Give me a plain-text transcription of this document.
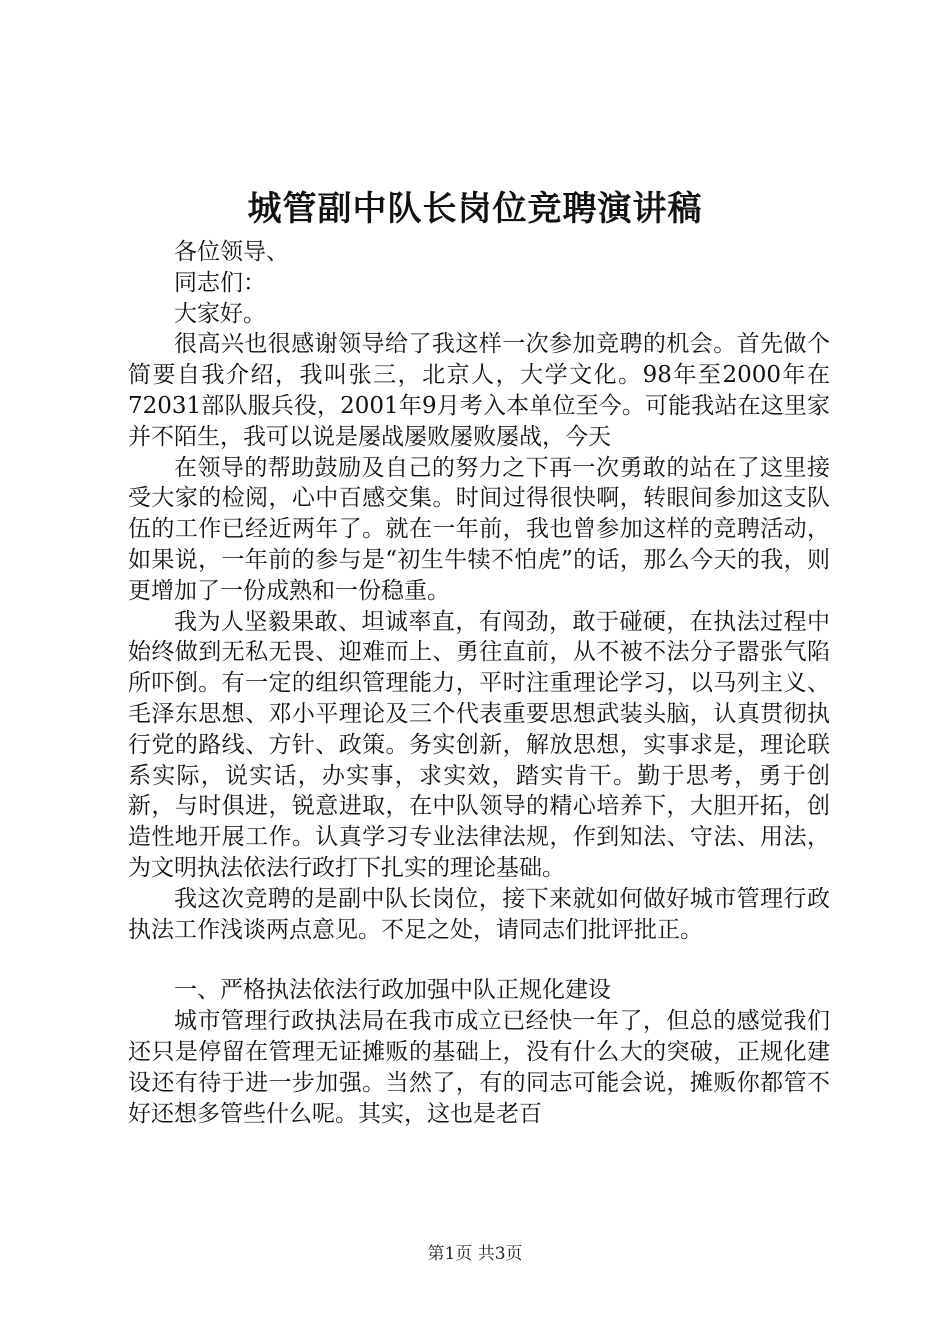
城管副中队长岗位竞聘演讲稿

各位领导、

同志们：

大家好。

很高兴也很感谢领导给了我这样一次参加竞聘的机会。首先做个简要自我介绍，我叫张三，北京人，大学文化。98年至2000年在72031部队服兵役，2001年9月考入本单位至今。可能我站在这里家并不陌生，我可以说是屡战屡败屡败屡战，今天

在领导的帮助鼓励及自己的努力之下再一次勇敢的站在了这里接受大家的检阅，心中百感交集。时间过得很快啊，转眼间参加这支队伍的工作已经近两年了。就在一年前，我也曾参加这样的竞聘活动，如果说，一年前的参与是“初生牛犊不怕虎”的话，那么今天的我，则更增加了一份成熟和一份稳重。

我为人坚毅果敢、坦诚率直，有闯劲，敢于碰硬，在执法过程中始终做到无私无畏、迎难而上、勇往直前，从不被不法分子嚣张气陷所吓倒。有一定的组织管理能力，平时注重理论学习，以马列主义、毛泽东思想、邓小平理论及三个代表重要思想武装头脑，认真贯彻执行党的路线、方针、政策。务实创新，解放思想，实事求是，理论联系实际，说实话，办实事，求实效，踏实肯干。勤于思考，勇于创新，与时俱进，锐意进取，在中队领导的精心培养下，大胆开拓，创造性地开展工作。认真学习专业法律法规，作到知法、守法、用法，为文明执法依法行政打下扎实的理论基础。

我这次竞聘的是副中队长岗位，接下来就如何做好城市管理行政执法工作浅谈两点意见。不足之处，请同志们批评批正。

一、严格执法依法行政加强中队正规化建设

城市管理行政执法局在我市成立已经快一年了，但总的感觉我们还只是停留在管理无证摊贩的基础上，没有什么大的突破，正规化建设还有待于进一步加强。当然了，有的同志可能会说，摊贩你都管不好还想多管些什么呢。其实，这也是老百

第1页 共3页
